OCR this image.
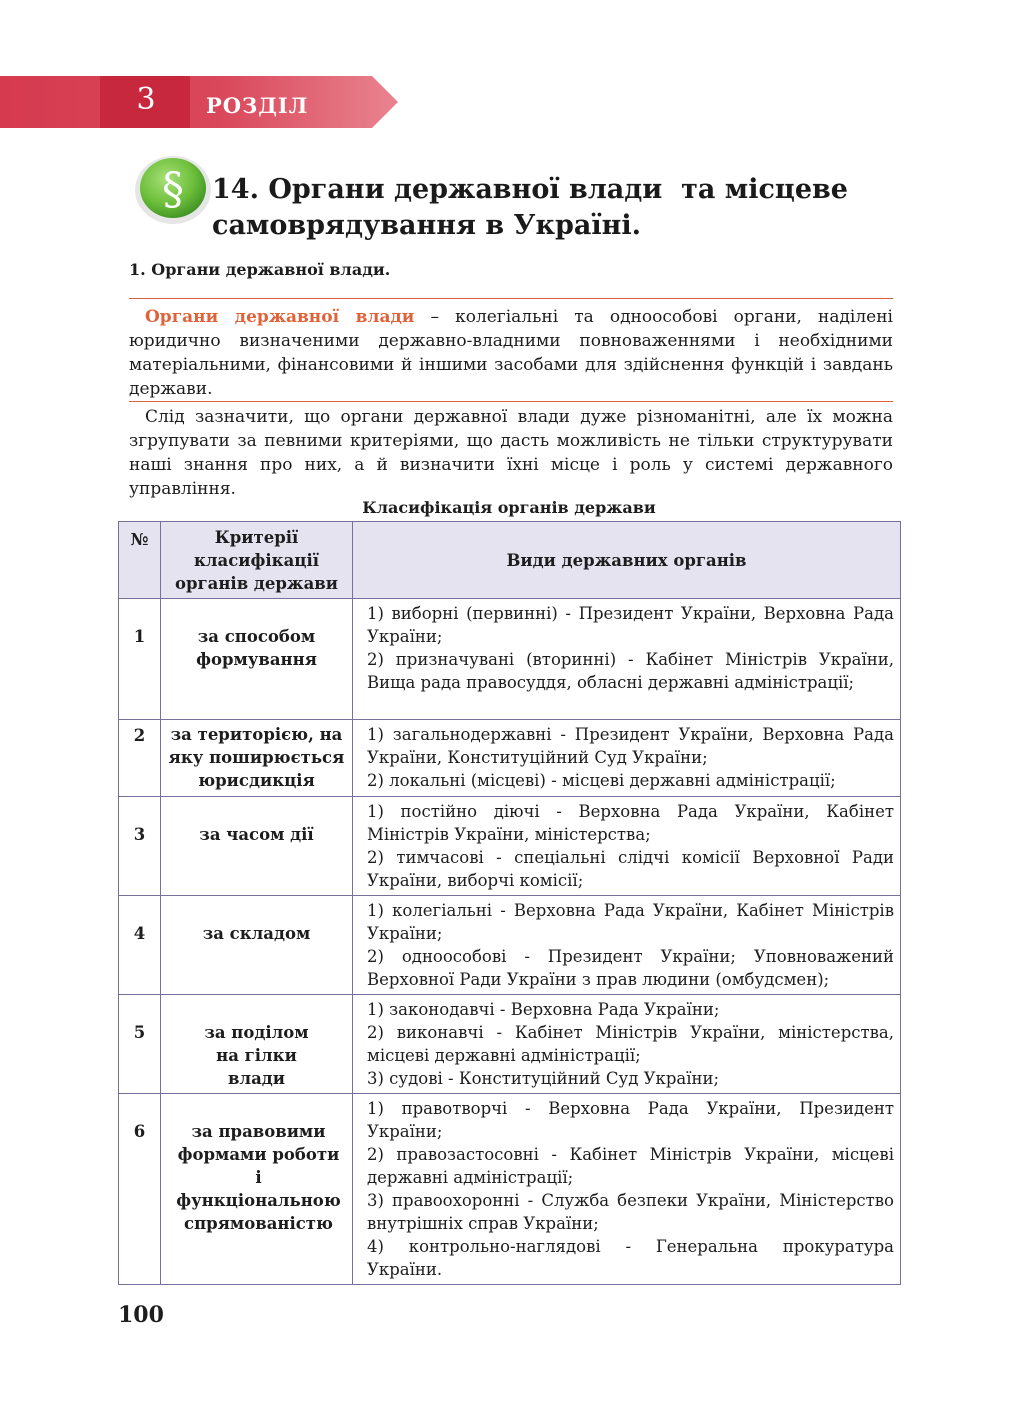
3	РОЗДІЛ
§ 14. Органи державної влади  та місцеве
самоврядування в Україні.
1. Органи державної влади.
Органи державної влади – колегіальні та одноособові органи, наділені юридично визначеними державно-владними повноваженнями і необхідними матеріальними, фінансовими й іншими засобами для здійснення функцій і завдань держави.
Слід зазначити, що органи державної влади дуже різноманітні, але їх можна згрупувати за певними критеріями, що дасть можливість не тільки структурувати наші знання про них, а й визначити їхні місце і роль у системі державного управління.
Класифікація органів держави
№	Критерії класифікації органів держави	Види державних органів
1	за способом формування	1) виборні (первинні) - Президент України, Верховна Рада України;
2) призначувані (вторинні) - Кабінет Міністрів України, Вища рада правосуддя, обласні державні адміністрації;

2	за територією, на яку поширюється юрисдикція	1) загальнодержавні - Президент України, Верховна Рада України, Конституційний Суд України;
2) локальні (місцеві) - місцеві державні адміністрації;

3	за часом дії	1) постійно діючі - Верховна Рада України, Кабінет Міністрів України, міністерства;
2) тимчасові - спеціальні слідчі комісії Верховної Ради України, виборчі комісії;

4	за складом	1) колегіальні - Верховна Рада України, Кабінет Міністрів України;
2) одноособові - Президент України; Уповноважений Верховної Ради України з прав людини (омбудсмен);

5	за поділом на гілки влади	1) законодавчі - Верховна Рада України;
2) виконавчі - Кабінет Міністрів України, міністерства, місцеві державні адміністрації;
3) судові - Конституційний Суд України;

6	за правовими формами роботи і функціональною спрямованістю	1) правотворчі - Верховна Рада України, Президент України;
2) правозастосовні - Кабінет Міністрів України, місцеві державні адміністрації;
3) правоохоронні - Служба безпеки України, Міністерство внутрішніх справ України;
4) контрольно-наглядові - Генеральна прокуратура України.
100
